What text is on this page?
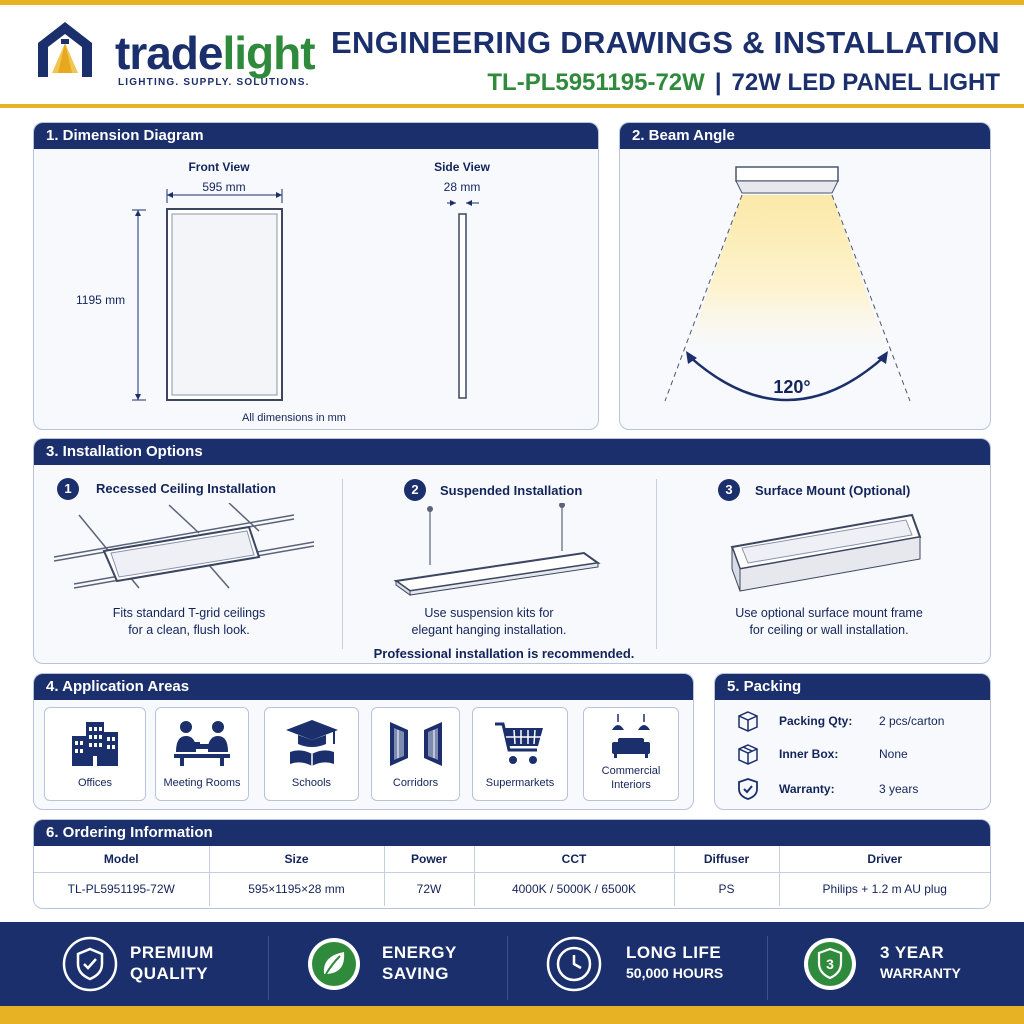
tradelight
LIGHTING. SUPPLY. SOLUTIONS.
ENGINEERING DRAWINGS & INSTALLATION
TL-PL5951195-72W | 72W LED PANEL LIGHT
1. Dimension Diagram
Front View
595 mm
1195 mm
Side View
28 mm
All dimensions in mm
2. Beam Angle
120°
3. Installation Options
1	Recessed Ceiling Installation
Fits standard T-grid ceilings
for a clean, flush look.
2	Suspended Installation
Use suspension kits for
elegant hanging installation.
3	Surface Mount (Optional)
Use optional surface mount frame
for ceiling or wall installation.
Professional installation is recommended.
4. Application Areas
Offices	Meeting Rooms	Schools	Corridors	Supermarkets
Commercial
Interiors
5. Packing
Packing Qty: 2 pcs/carton
Inner Box:	None
Warranty:	3 years
6. Ordering Information
Model	Size	Power	CCT	Diffuser	Driver
TL-PL5951195-72W	595×1195×28 mm	72W	4000K / 5000K / 6500K	PS	Philips + 1.2 m AU plug
PREMIUM
QUALITY
ENERGY
SAVING
LONG LIFE
50,000 HOURS
3
3 YEAR
WARRANTY
